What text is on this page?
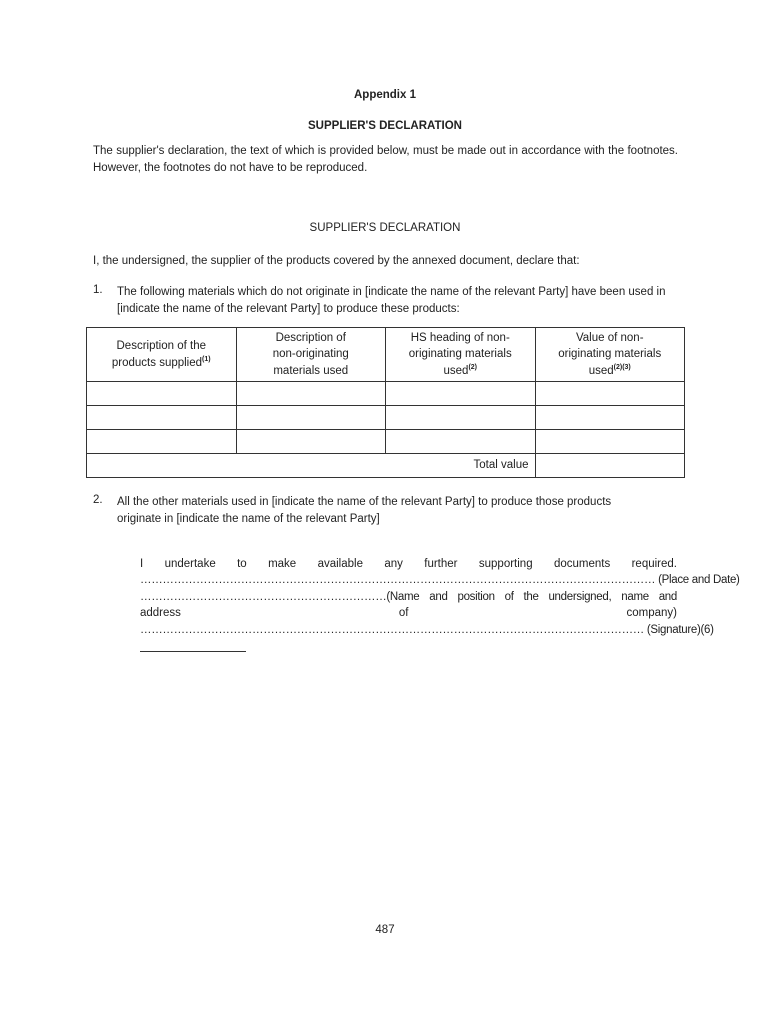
Appendix 1
SUPPLIER'S DECLARATION
The supplier's declaration, the text of which is provided below, must be made out in accordance with the footnotes. However, the footnotes do not have to be reproduced.
SUPPLIER'S DECLARATION
I, the undersigned, the supplier of the products covered by the annexed document, declare that:
1. The following materials which do not originate in [indicate the name of the relevant Party] have been used in [indicate the name of the relevant Party] to produce these products:
Description of the products supplied$^{(1)}$	Description of non-originating materials used	HS heading of non-originating materials used$^{(2)}$	Value of non-originating materials used$^{(2)(3)}$

Total value			
2. All the other materials used in [indicate the name of the relevant Party] to produce those products originate in [indicate the name of the relevant Party]
I undertake to make available any further supporting documents required.
………………………………………………………………………………………………………………………… (Place and Date)
…………………………………………………………(Name and position of the undersigned, name and
address	of	company)
……………………………………………………………………………………………………………………… (Signature)(6)
487
